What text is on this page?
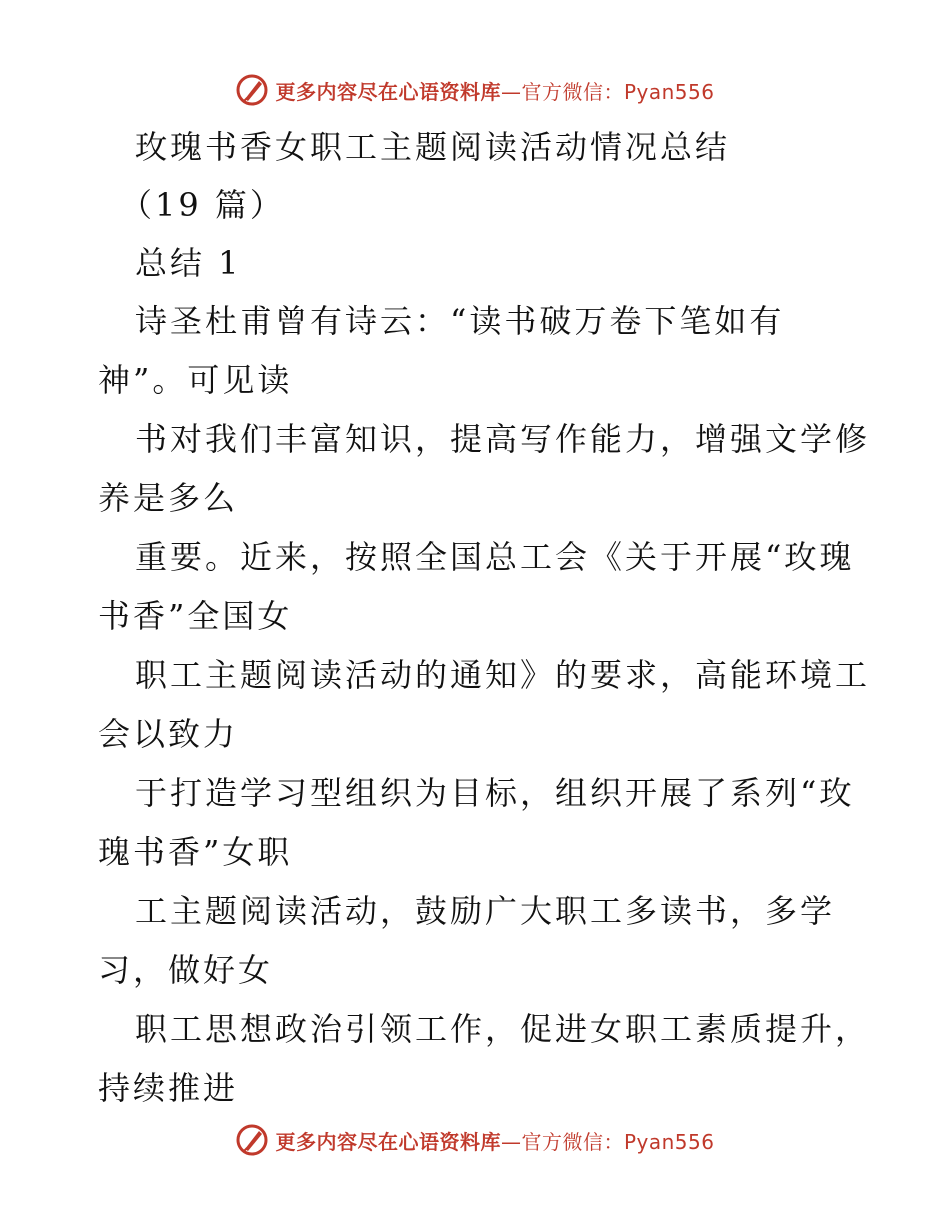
更多内容尽在心语资料库—官方微信：Pyan556
玫瑰书香女职工主题阅读活动情况总结
（19 篇）
总结 1
诗圣杜甫曾有诗云：“读书破万卷下笔如有
神”。可见读
书对我们丰富知识，提高写作能力，增强文学修
养是多么
重要。近来，按照全国总工会《关于开展“玫瑰
书香”全国女
职工主题阅读活动的通知》的要求，高能环境工
会以致力
于打造学习型组织为目标，组织开展了系列“玫
瑰书香”女职
工主题阅读活动，鼓励广大职工多读书，多学
习，做好女
职工思想政治引领工作，促进女职工素质提升，
持续推进
更多内容尽在心语资料库—官方微信：Pyan556
